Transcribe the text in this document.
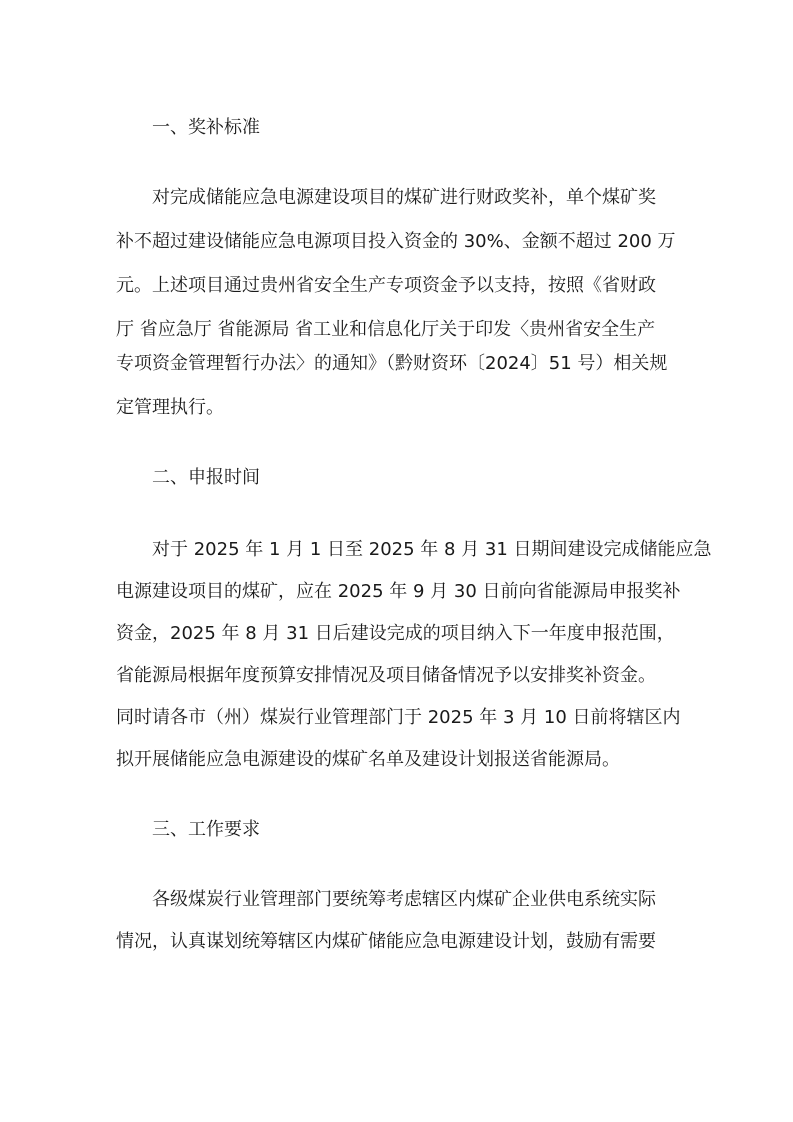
一、奖补标准
对完成储能应急电源建设项目的煤矿进行财政奖补，单个煤矿奖
补不超过建设储能应急电源项目投入资金的 30%、金额不超过 200 万
元。上述项目通过贵州省安全生产专项资金予以支持，按照《省财政
厅 省应急厅 省能源局 省工业和信息化厅关于印发〈贵州省安全生产
专项资金管理暂行办法〉的通知》（黔财资环〔2024〕51 号）相关规
定管理执行。
二、申报时间
对于 2025 年 1 月 1 日至 2025 年 8 月 31 日期间建设完成储能应急
电源建设项目的煤矿，应在 2025 年 9 月 30 日前向省能源局申报奖补
资金，2025 年 8 月 31 日后建设完成的项目纳入下一年度申报范围，
省能源局根据年度预算安排情况及项目储备情况予以安排奖补资金。
同时请各市（州）煤炭行业管理部门于 2025 年 3 月 10 日前将辖区内
拟开展储能应急电源建设的煤矿名单及建设计划报送省能源局。
三、工作要求
各级煤炭行业管理部门要统筹考虑辖区内煤矿企业供电系统实际
情况，认真谋划统筹辖区内煤矿储能应急电源建设计划，鼓励有需要
